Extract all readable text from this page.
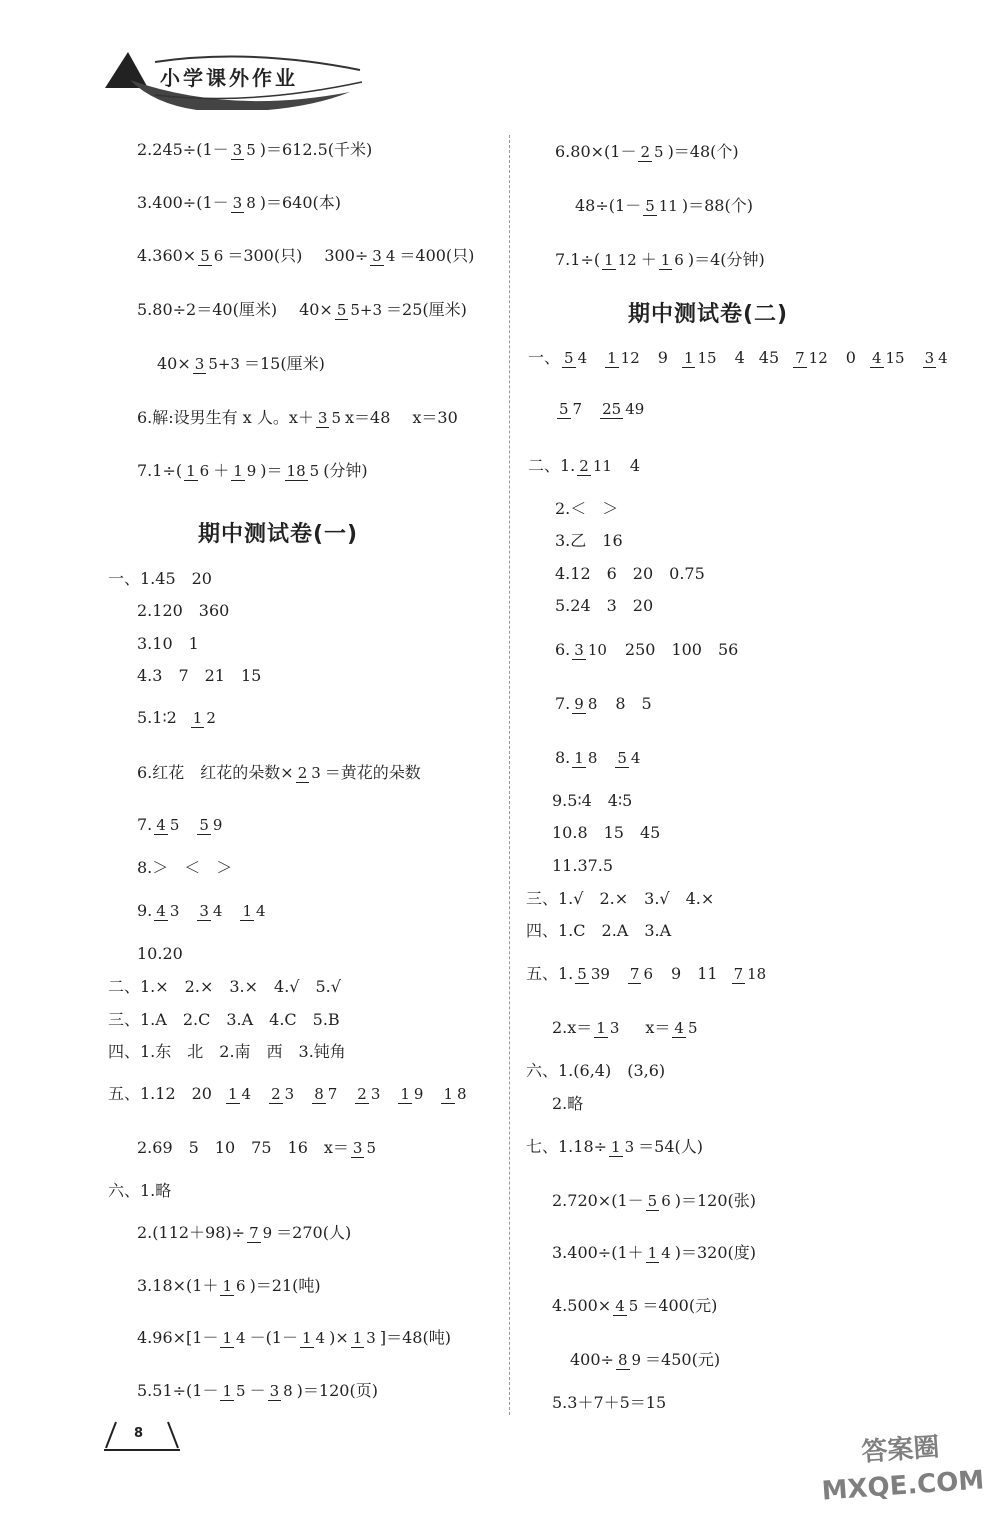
小学课外作业
2.245÷(1－ 3 5 )＝612.5(千米)
3.400÷(1－ 3 8 )＝640(本)
4.360× 5 6 ＝300(只) 300÷ 3 4 ＝400(只)
5.80÷2＝40(厘米) 40× 5 5+3 ＝25(厘米)
40× 3 5+3 ＝15(厘米)
6.解:设男生有 x 人。x＋ 3 5 x＝48 x＝30
7.1÷( 1 6 ＋ 1 9 )＝ 18 5 (分钟)
期中测试卷(一)
一、1.45　20
2.120　360
3.10　1
4.3　7　21　15
5.1∶2 1 2
6.红花　红花的朵数× 2 3 ＝黄花的朵数
7. 4 5 5 9
8.＞　＜　＞
9. 4 3 3 4 1 4
10.20
二、1.×　2.×　3.×　4.√　5.√
三、1.A　2.C　3.A　4.C　5.B
四、1.东　北　2.南　西　3.钝角
五、1.12　20 1 4 2 3 8 7 2 3 1 9 1 8
2.69　5　10　75　16　x＝ 3 5
六、1.略
2.(112＋98)÷ 7 9 ＝270(人)
3.18×(1＋ 1 6 )＝21(吨)
4.96×[1－ 1 4 －(1－ 1 4 )× 1 3 ]＝48(吨)
5.51÷(1－ 1 5 － 3 8 )＝120(页)
6.80×(1－ 2 5 )＝48(个)
48÷(1－ 5 11 )＝88(个)
7.1÷( 1 12 ＋ 1 6 )＝4(分钟)
期中测试卷(二)
一、 5 4 1 12 9 1 15 4 45 7 12 0 4 15 3 4
5 7 25 49
二、1. 2 11 4
2.＜　＞
3.乙　16
4.12　6　20　0.75
5.24　3　20
6. 3 10 250　100　56
7. 9 8 8　5
8. 1 8 5 4
9.5∶4　4∶5
10.8　15　45
11.37.5
三、1.√　2.×　3.√　4.×
四、1.C　2.A　3.A
五、1. 5 39 7 6 9　11 7 18
2.x＝ 1 3 x＝ 4 5
六、1.(6,4)　(3,6)
2.略
七、1.18÷ 1 3 ＝54(人)
2.720×(1－ 5 6 )＝120(张)
3.400÷(1＋ 1 4 )＝320(度)
4.500× 4 5 ＝400(元)
400÷ 8 9 ＝450(元)
5.3＋7＋5＝15
8	答案圈 MXQE.COM
